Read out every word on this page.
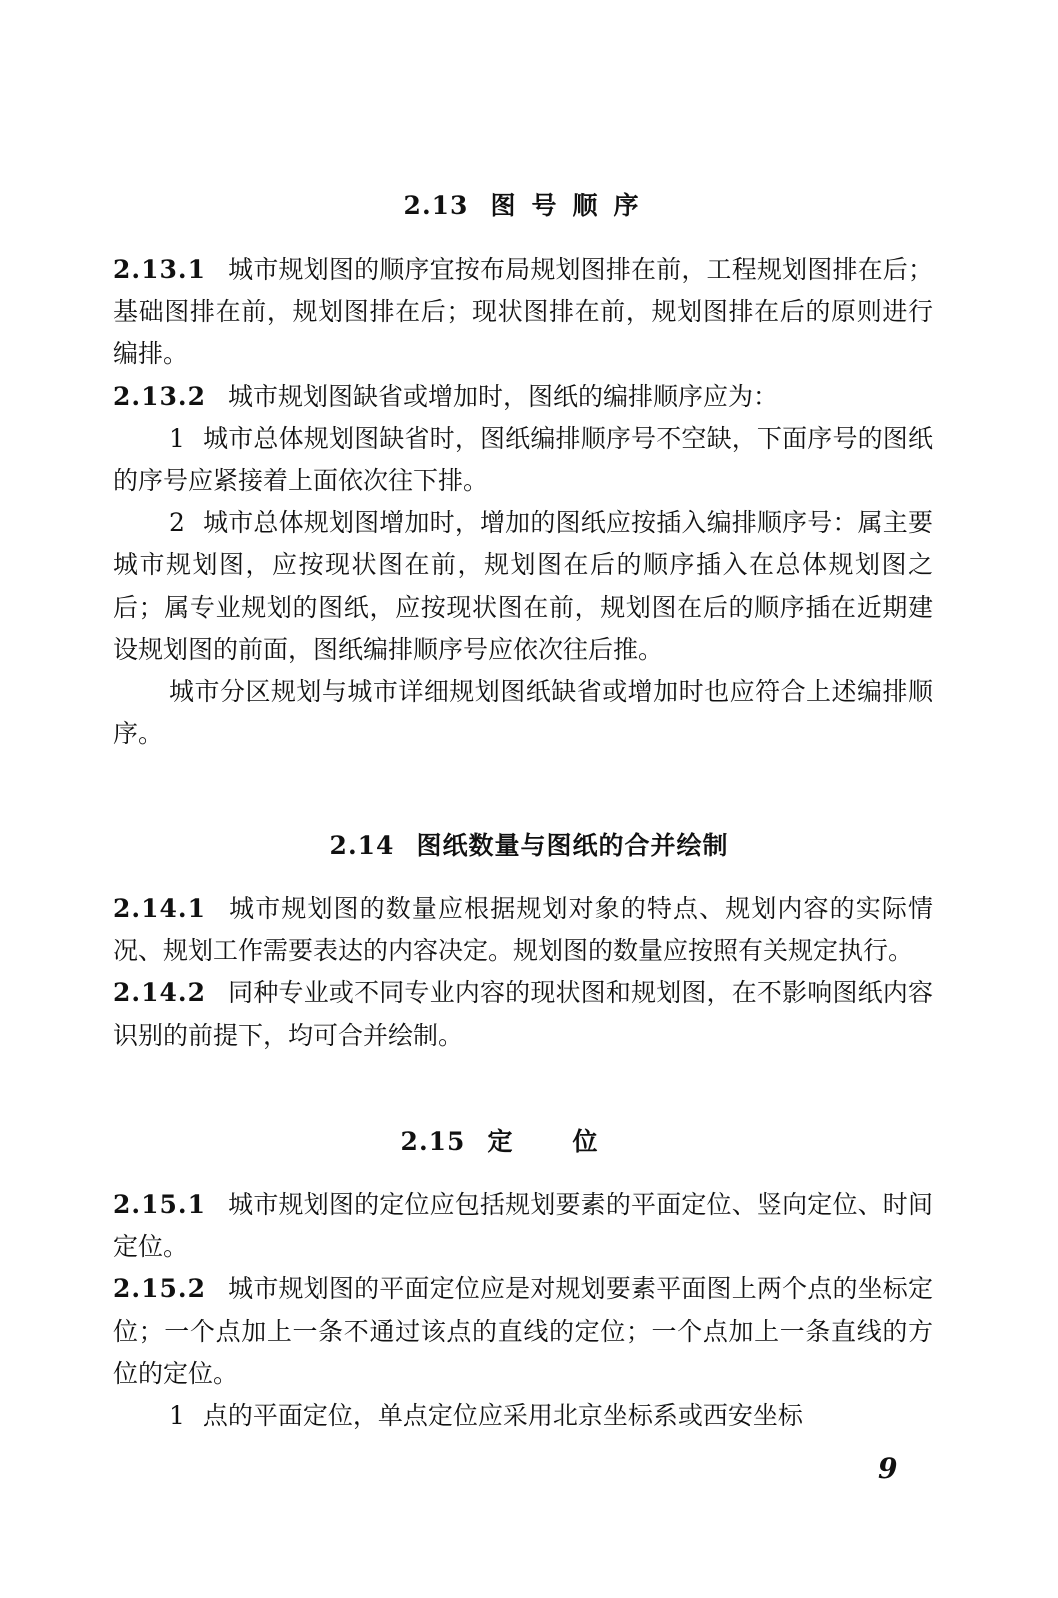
2.13 图号顺序

2.13.1 城市规划图的顺序宜按布局规划图排在前，工程规划图排在后；基础图排在前，规划图排在后；现状图排在前，规划图排在后的原则进行编排。

2.13.2 城市规划图缺省或增加时，图纸的编排顺序应为：

1 城市总体规划图缺省时，图纸编排顺序号不空缺，下面序号的图纸的序号应紧接着上面依次往下排。

2 城市总体规划图增加时，增加的图纸应按插入编排顺序号：属主要城市规划图，应按现状图在前，规划图在后的顺序插入在总体规划图之后；属专业规划的图纸，应按现状图在前，规划图在后的顺序插在近期建设规划图的前面，图纸编排顺序号应依次往后推。

城市分区规划与城市详细规划图纸缺省或增加时也应符合上述编排顺序。

2.14 图纸数量与图纸的合并绘制

2.14.1 城市规划图的数量应根据规划对象的特点、规划内容的实际情况、规划工作需要表达的内容决定。规划图的数量应按照有关规定执行。

2.14.2 同种专业或不同专业内容的现状图和规划图，在不影响图纸内容识别的前提下，均可合并绘制。

2.15 定位

2.15.1 城市规划图的定位应包括规划要素的平面定位、竖向定位、时间定位。

2.15.2 城市规划图的平面定位应是对规划要素平面图上两个点的坐标定位；一个点加上一条不通过该点的直线的定位；一个点加上一条直线的方位的定位。

1 点的平面定位，单点定位应采用北京坐标系或西安坐标

9
